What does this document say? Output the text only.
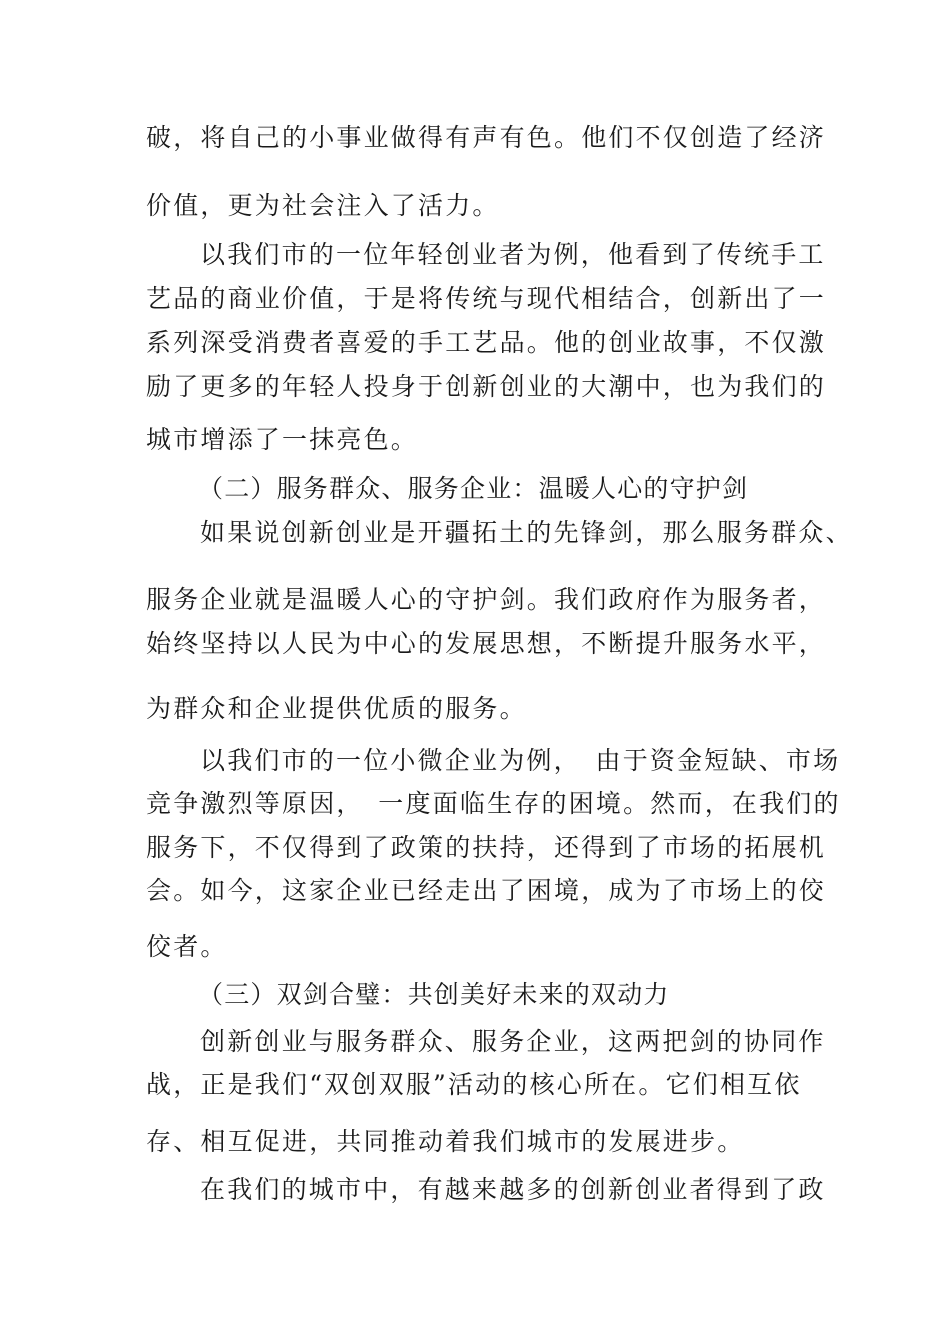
破，将自己的小事业做得有声有色。他们不仅创造了经济
价值，更为社会注入了活力。
以我们市的一位年轻创业者为例，他看到了传统手工
艺品的商业价值，于是将传统与现代相结合，创新出了一
系列深受消费者喜爱的手工艺品。他的创业故事，不仅激
励了更多的年轻人投身于创新创业的大潮中，也为我们的
城市增添了一抹亮色。
（二）服务群众、服务企业：温暖人心的守护剑
如果说创新创业是开疆拓土的先锋剑，那么服务群众、
服务企业就是温暖人心的守护剑。我们政府作为服务者，
始终坚持以人民为中心的发展思想，不断提升服务水平，
为群众和企业提供优质的服务。
以我们市的一位小微企业为例，　由于资金短缺、市场
竞争激烈等原因，　一度面临生存的困境。然而，在我们的
服务下，不仅得到了政策的扶持，还得到了市场的拓展机
会。如今，这家企业已经走出了困境，成为了市场上的佼
佼者。
（三）双剑合璧：共创美好未来的双动力
创新创业与服务群众、服务企业，这两把剑的协同作
战，正是我们“双创双服”活动的核心所在。它们相互依
存、相互促进，共同推动着我们城市的发展进步。
在我们的城市中，有越来越多的创新创业者得到了政
